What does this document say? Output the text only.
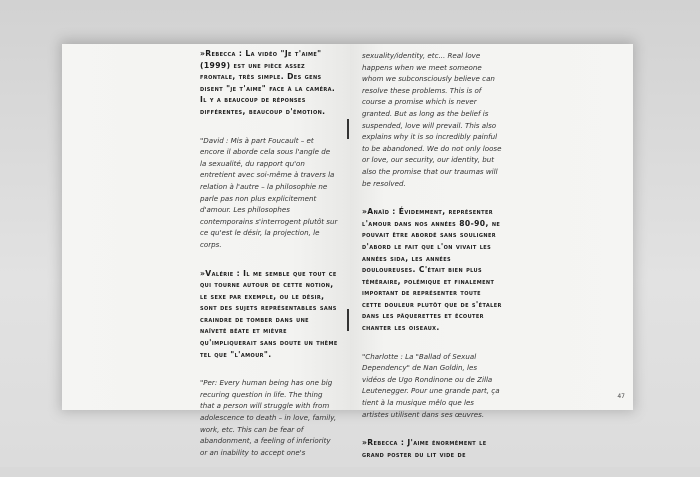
»Rebecca : La vidéo "Je t'aime" (1999) est une pièce assez frontale, très simple. Des gens disent "je t'aime" face à la caméra. Il y a beaucoup de réponses différentes, beaucoup d'émotion.

"David : Mis à part Foucault – et encore il aborde cela sous l'angle de la sexualité, du rapport qu'on entretient avec soi-même à travers la relation à l'autre – la philosophie ne parle pas non plus explicitement d'amour. Les philosophes contemporains s'interrogent plutôt sur ce qu'est le désir, la projection, le corps.

»Valérie : Il me semble que tout ce qui tourne autour de cette notion, le sexe par exemple, ou le désir, sont des sujets représentables sans craindre de tomber dans une naïveté béate et mièvre qu'impliquerait sans doute un thème tel que "l'amour".

"Per: Every human being has one big recuring question in life. The thing that a person will struggle with from adolescence to death – in love, family, work, etc. This can be fear of abandonment, a feeling of inferiority or an inability to accept one's

sexuality/identity, etc... Real love happens when we meet someone whom we subconsciously believe can resolve these problems. This is of course a promise which is never granted. But as long as the belief is suspended, love will prevail. This also explains why it is so incredibly painful to be abandoned. We do not only loose or love, our security, our identity, but also the promise that our traumas will be resolved.

»Anaïd : Évidemment, représenter l'amour dans nos années 80-90, ne pouvait être abordé sans souligner d'abord le fait que l'on vivait les années sida, les années douloureuses. C'était bien plus téméraire, polémique et finalement important de représenter toute cette douleur plutôt que de s'étaler dans les pâquerettes et écouter chanter les oiseaux.

"Charlotte : La "Ballad of Sexual Dependency" de Nan Goldin, les vidéos de Ugo Rondinone ou de Zilla Leutenegger. Pour une grande part, ça tient à la musique mêlo que les artistes utilisent dans ses œuvres.

»Rebecca : J'aime énormément le grand poster du lit vide de

47
